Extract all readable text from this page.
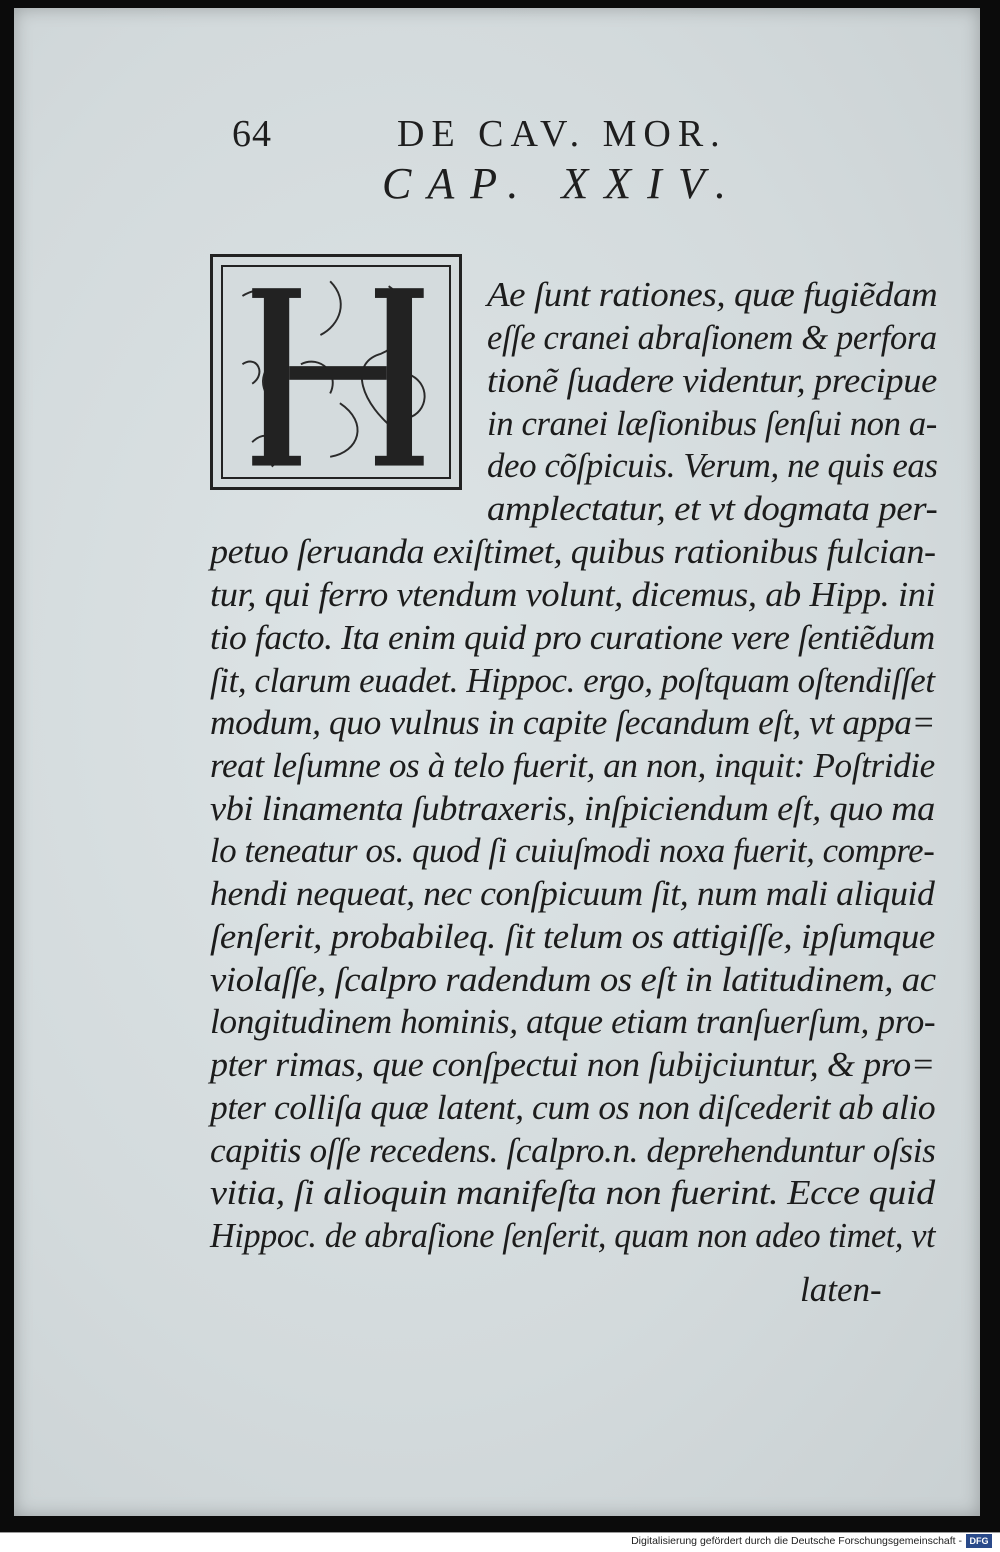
64	DE CAV. MOR.
CAP. XXIV.
H
Ae ſunt rationes, quæ fugiẽdam
eſſe cranei abraſionem & perfora
tionẽ ſuadere videntur, precipue
in cranei læſionibus ſenſui non a-
deo cõſpicuis. Verum, ne quis eas
amplectatur, et vt dogmata per-
petuo ſeruanda exiſtimet, quibus rationibus fulcian-
tur, qui ferro vtendum volunt, dicemus, ab Hipp. ini
tio facto. Ita enim quid pro curatione vere ſentiẽdum
ſit, clarum euadet. Hippoc. ergo, poſtquam oſtendiſſet
modum, quo vulnus in capite ſecandum eſt, vt appa=
reat leſumne os à telo fuerit, an non, inquit: Poſtridie
vbi linamenta ſubtraxeris, inſpiciendum eſt, quo ma
lo teneatur os. quod ſi cuiuſmodi noxa fuerit, compre-
hendi nequeat, nec conſpicuum ſit, num mali aliquid
ſenſerit, probabileq. ſit telum os attigiſſe, ipſumque
violaſſe, ſcalpro radendum os eſt in latitudinem, ac
longitudinem hominis, atque etiam tranſuerſum, pro-
pter rimas, que conſpectui non ſubijciuntur, & pro=
pter colliſa quæ latent, cum os non diſcederit ab alio
capitis oſſe recedens. ſcalpro.n. deprehenduntur oſsis
vitia, ſi alioquin manifeſta non fuerint. Ecce quid
Hippoc. de abraſione ſenſerit, quam non adeo timet, vt
laten-
Digitalisierung gefördert durch die Deutsche Forschungsgemeinschaft - DFG
